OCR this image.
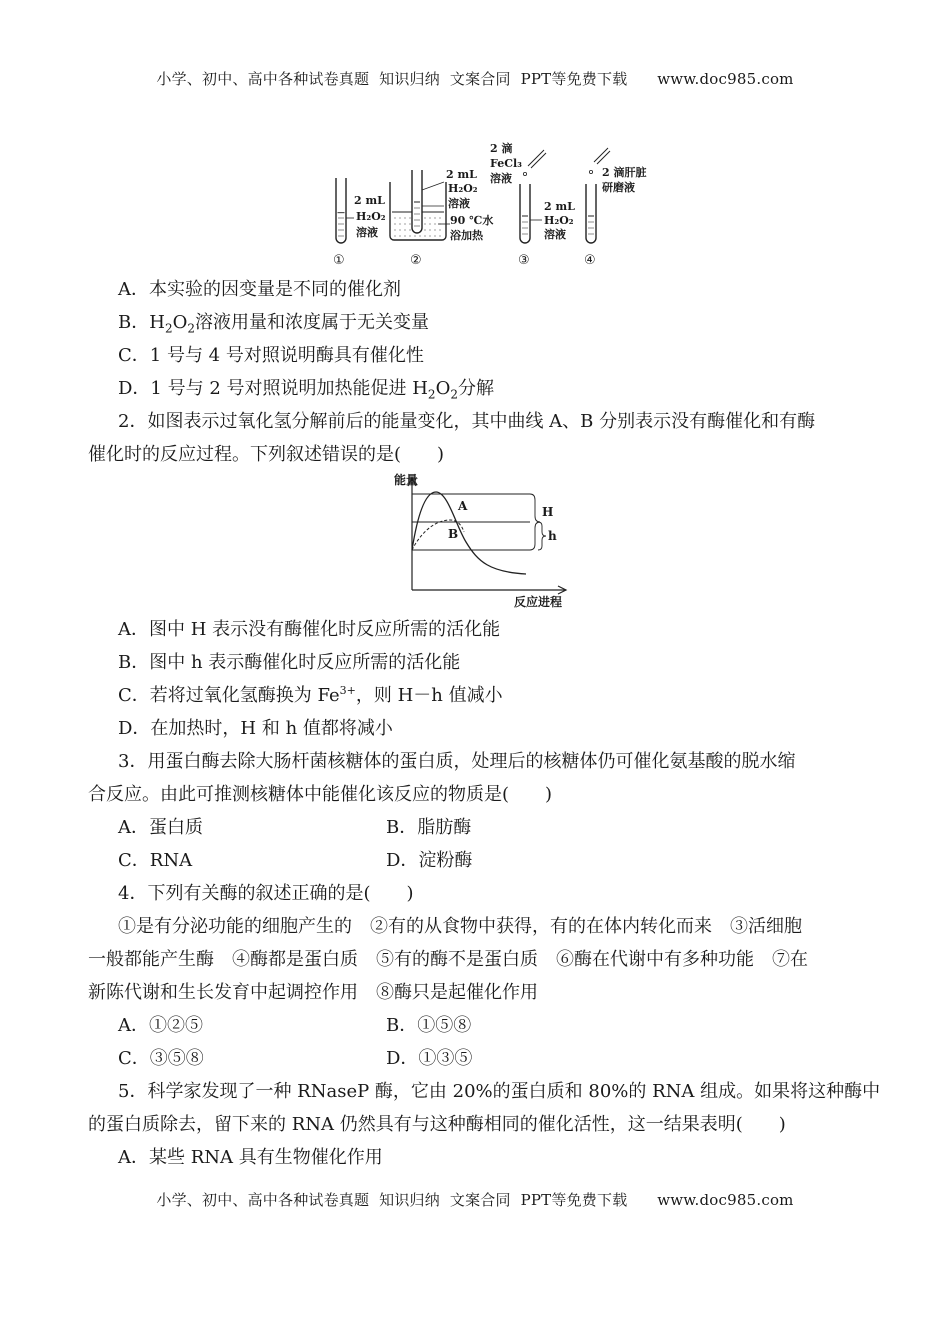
小学、初中、高中各种试卷真题  知识归纳  文案合同  PPT等免费下载      www.doc985.com
2 mL
H₂O₂
溶液
2 mL
H₂O₂
溶液
90 ℃水
浴加热
2 滴
FeCl₃
溶液
2 mL
H₂O₂
溶液
2 滴肝脏
研磨液
①	②	③	④
A．本实验的因变量是不同的催化剂
B．$H_2O_2$溶液用量和浓度属于无关变量
C．1 号与 4 号对照说明酶具有催化性
D．1 号与 2 号对照说明加热能促进 $H_2O_2$分解
2．如图表示过氧化氢分解前后的能量变化，其中曲线 A、B 分别表示没有酶催化和有酶
催化时的反应过程。下列叙述错误的是(　　)
能量
反应进程
A
B
H
h
A．图中 H 表示没有酶催化时反应所需的活化能
B．图中 h 表示酶催化时反应所需的活化能
C．若将过氧化氢酶换为 $Fe^{3+}$，则 H－h 值减小
D．在加热时，H 和 h 值都将减小
3．用蛋白酶去除大肠杆菌核糖体的蛋白质，处理后的核糖体仍可催化氨基酸的脱水缩
合反应。由此可推测核糖体中能催化该反应的物质是(　　)
A．蛋白质	B．脂肪酶
C．RNA	D．淀粉酶
4．下列有关酶的叙述正确的是(　　)
①是有分泌功能的细胞产生的　②有的从食物中获得，有的在体内转化而来　③活细胞
一般都能产生酶　④酶都是蛋白质　⑤有的酶不是蛋白质　⑥酶在代谢中有多种功能　⑦在
新陈代谢和生长发育中起调控作用　⑧酶只是起催化作用
A．①②⑤	B．①⑤⑧
C．③⑤⑧	D．①③⑤
5．科学家发现了一种 RNaseP 酶，它由 20%的蛋白质和 80%的 RNA 组成。如果将这种酶中
的蛋白质除去，留下来的 RNA 仍然具有与这种酶相同的催化活性，这一结果表明(　　)
A．某些 RNA 具有生物催化作用
小学、初中、高中各种试卷真题  知识归纳  文案合同  PPT等免费下载      www.doc985.com
